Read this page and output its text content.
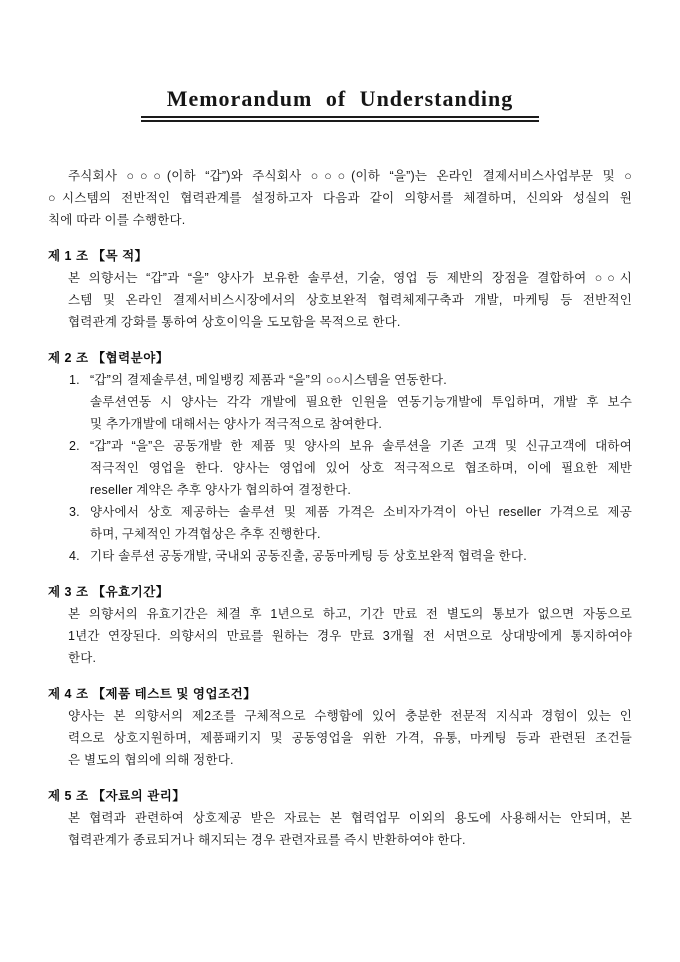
Memorandum of Understanding
주식회사 ○○○(이하 “갑”)와 주식회사 ○○○(이하 “을”)는 온라인 결제서비스사업부문 및 ○
○시스템의 전반적인 협력관계를 설정하고자 다음과 같이 의향서를 체결하며, 신의와 성실의 원
칙에 따라 이를 수행한다.
제 1 조 【목 적】
본 의향서는 “갑”과 “을” 양사가 보유한 솔루션, 기술, 영업 등 제반의 장점을 결합하여 ○○시
스템 및 온라인 결제서비스시장에서의 상호보완적 협력체제구축과 개발, 마케팅 등 전반적인
협력관계 강화를 통하여 상호이익을 도모함을 목적으로 한다.
제 2 조 【협력분야】
1. “갑”의 결제솔루션, 메일뱅킹 제품과 “을”의 ○○시스템을 연동한다.
솔루션연동 시 양사는 각각 개발에 필요한 인원을 연동기능개발에 투입하며, 개발 후 보수
및 추가개발에 대해서는 양사가 적극적으로 참여한다.
2. “갑”과 “을”은 공동개발 한 제품 및 양사의 보유 솔루션을 기존 고객 및 신규고객에 대하여
적극적인 영업을 한다. 양사는 영업에 있어 상호 적극적으로 협조하며, 이에 필요한 제반
reseller 계약은 추후 양사가 협의하여 결정한다.
3. 양사에서 상호 제공하는 솔루션 및 제품 가격은 소비자가격이 아닌 reseller 가격으로 제공
하며, 구체적인 가격협상은 추후 진행한다.
4. 기타 솔루션 공동개발, 국내외 공동진출, 공동마케팅 등 상호보완적 협력을 한다.
제 3 조 【유효기간】
본 의향서의 유효기간은 체결 후 1년으로 하고, 기간 만료 전 별도의 통보가 없으면 자동으로
1년간 연장된다. 의향서의 만료를 원하는 경우 만료 3개월 전 서면으로 상대방에게 통지하여야
한다.
제 4 조 【제품 테스트 및 영업조건】
양사는 본 의향서의 제2조를 구체적으로 수행함에 있어 충분한 전문적 지식과 경험이 있는 인
력으로 상호지원하며, 제품패키지 및 공동영업을 위한 가격, 유통, 마케팅 등과 관련된 조건들
은 별도의 협의에 의해 정한다.
제 5 조 【자료의 관리】
본 협력과 관련하여 상호제공 받은 자료는 본 협력업무 이외의 용도에 사용해서는 안되며, 본
협력관계가 종료되거나 해지되는 경우 관련자료를 즉시 반환하여야 한다.
